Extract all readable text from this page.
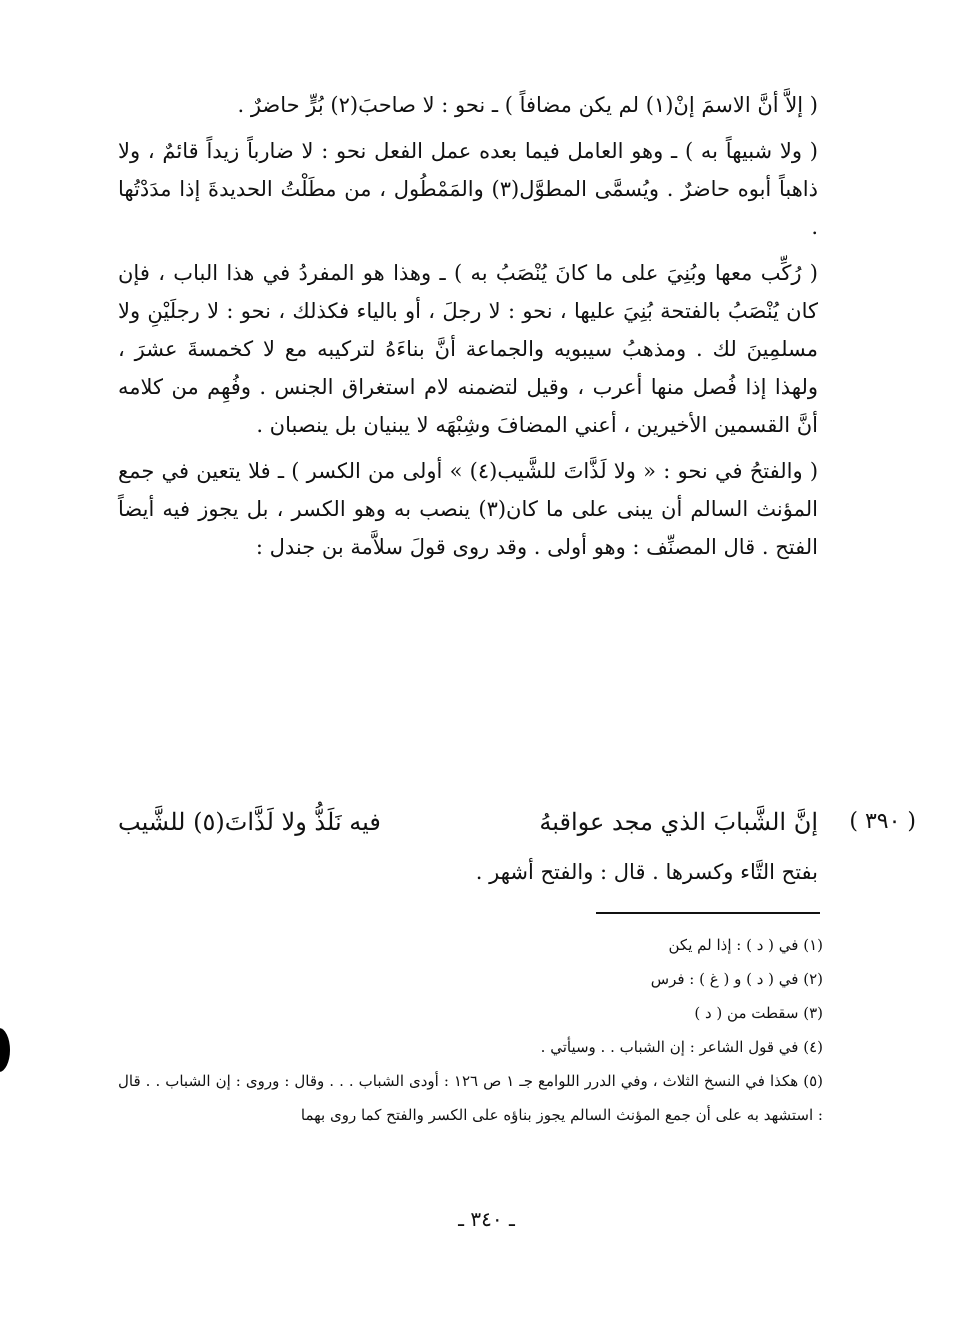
( إلاَّ أنَّ الاسمَ إنْ(١) لم يكن مضافاً ) ـ نحو : لا صاحبَ(٢) بُرٍّ حاضرٌ .

( ولا شبيهاً به ) ـ وهو العامل فيما بعده عمل الفعل نحو : لا ضارباً زيداً قائمٌ ، ولا ذاهباً أبوه حاضرٌ . ويُسمَّى المطوَّل(٣) والمَمْطُول ، من مطَلْتُ الحديدةَ إذا مدَدْتُها .

( رُكِّب معها وبُنِيَ على ما كانَ يُنْصَبُ به ) ـ وهذا هو المفردُ في هذا الباب ، فإن كان يُنْصَبُ بالفتحة بُنِيَ عليها ، نحو : لا رجلَ ، أو بالياء فكذلك ، نحو : لا رجلَيْنِ ولا مسلمِينَ لك . ومذهبُ سيبويه والجماعة أنَّ بناءَهُ لتركيبه مع لا كخمسةَ عشرَ ، ولهذا إذا فُصل منها أعرب ، وقيل لتضمنه لام استغراق الجنس . وفُهِم من كلامه أنَّ القسمين الأخيرين ، أعني المضافَ وشِبْهَه لا يبنيان بل ينصبان .

( والفتحُ في نحو : « ولا لَذَّاتَ للشَّيب(٤) » أولى من الكسر ) ـ فلا يتعين في جمع المؤنث السالم أن يبنى على ما كان(٣) ينصب به وهو الكسر ، بل يجوز فيه أيضاً الفتح . قال المصنِّف : وهو أولى . وقد روى قولَ سلاَّمة بن جندل :

( ٣٩٠ )
إنَّ الشَّبابَ الذي مجد عواقبهُ
فيه نَلَذُّ ولا لَذَّاتَ(٥) للشَّيب
بفتح التَّاء وكسرها . قال : والفتح أشهر .

(١) في ( د ) : إذا لم يكن

(٢) في ( د ) و ( غ ) : فرس

(٣) سقطت من ( د )

(٤) في قول الشاعر : إن الشباب . . وسيأتي .

(٥) هكذا في النسخ الثلاث ، وفي الدرر اللوامع جـ ١ ص ١٢٦ : أودى الشباب . . . وقال : وروى : إن الشباب . . قال : استشهد به على أن جمع المؤنث السالم يجوز بناؤه على الكسر والفتح كما روى بهما

ـ ٣٤٠ ـ
